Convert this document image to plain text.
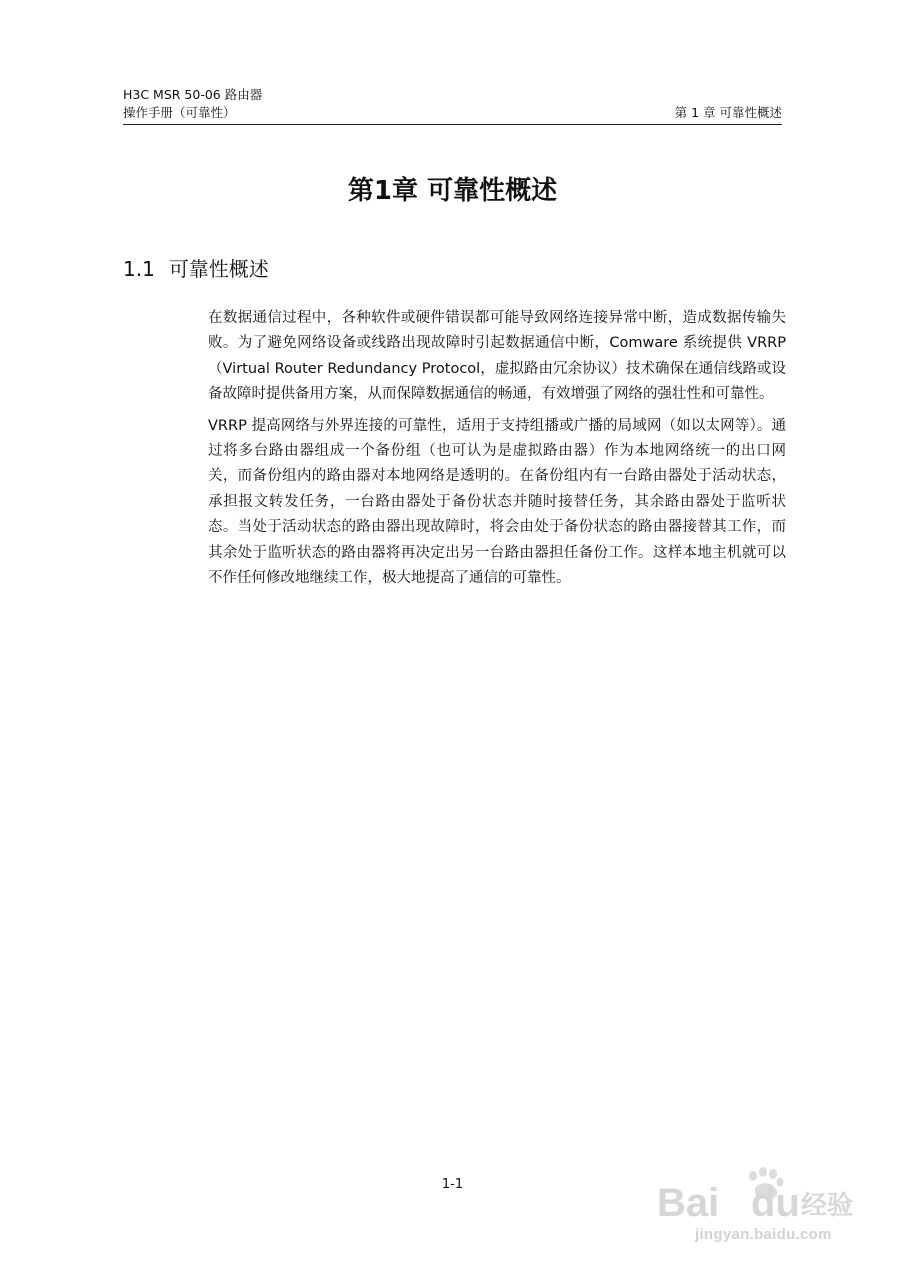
H3C MSR 50-06 路由器
操作手册（可靠性）	第 1 章 可靠性概述
第1章 可靠性概述
1.1 可靠性概述

在数据通信过程中，各种软件或硬件错误都可能导致网络连接异常中断，造成数据传输失败。为了避免网络设备或线路出现故障时引起数据通信中断，Comware 系统提供 VRRP（Virtual Router Redundancy Protocol，虚拟路由冗余协议）技术确保在通信线路或设备故障时提供备用方案，从而保障数据通信的畅通，有效增强了网络的强壮性和可靠性。

VRRP 提高网络与外界连接的可靠性，适用于支持组播或广播的局域网（如以太网等）。通过将多台路由器组成一个备份组（也可认为是虚拟路由器）作为本地网络统一的出口网关，而备份组内的路由器对本地网络是透明的。在备份组内有一台路由器处于活动状态，承担报文转发任务，一台路由器处于备份状态并随时接替任务，其余路由器处于监听状态。当处于活动状态的路由器出现故障时，将会由处于备份状态的路由器接替其工作，而其余处于监听状态的路由器将再决定出另一台路由器担任备份工作。这样本地主机就可以不作任何修改地继续工作，极大地提高了通信的可靠性。

1-1	Bai du 经验
jingyan.baidu.com
